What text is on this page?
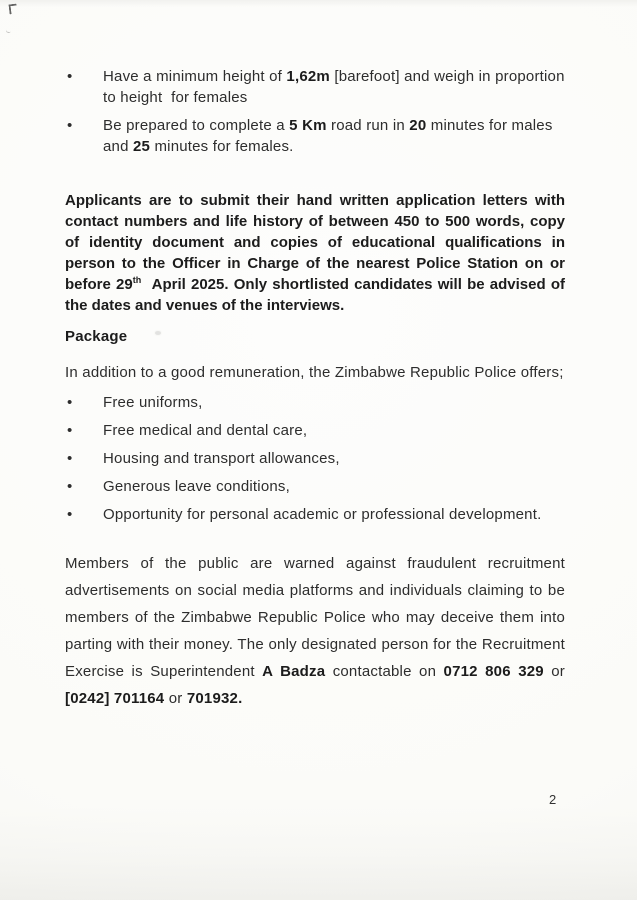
•	Have a minimum height of 1,62m [barefoot] and weigh in proportion to height  for females
•	Be prepared to complete a 5 Km road run in 20 minutes for males and 25 minutes for females.

Applicants are to submit their hand written application letters with contact numbers and life history of between 450 to 500 words, copy of identity document and copies of educational qualifications in person to the Officer in Charge of the nearest Police Station on or before 29th  April 2025. Only shortlisted candidates will be advised of the dates and venues of the interviews.

Package

In addition to a good remuneration, the Zimbabwe Republic Police offers;

•	Free uniforms,
•	Free medical and dental care,
•	Housing and transport allowances,
•	Generous leave conditions,
•	Opportunity for personal academic or professional development.

Members of the public are warned against fraudulent recruitment advertisements on social media platforms and individuals claiming to be members of the Zimbabwe Republic Police who may deceive them into parting with their money. The only designated person for the Recruitment Exercise is Superintendent A Badza contactable on 0712 806 329 or [0242] 701164 or 701932.

2
